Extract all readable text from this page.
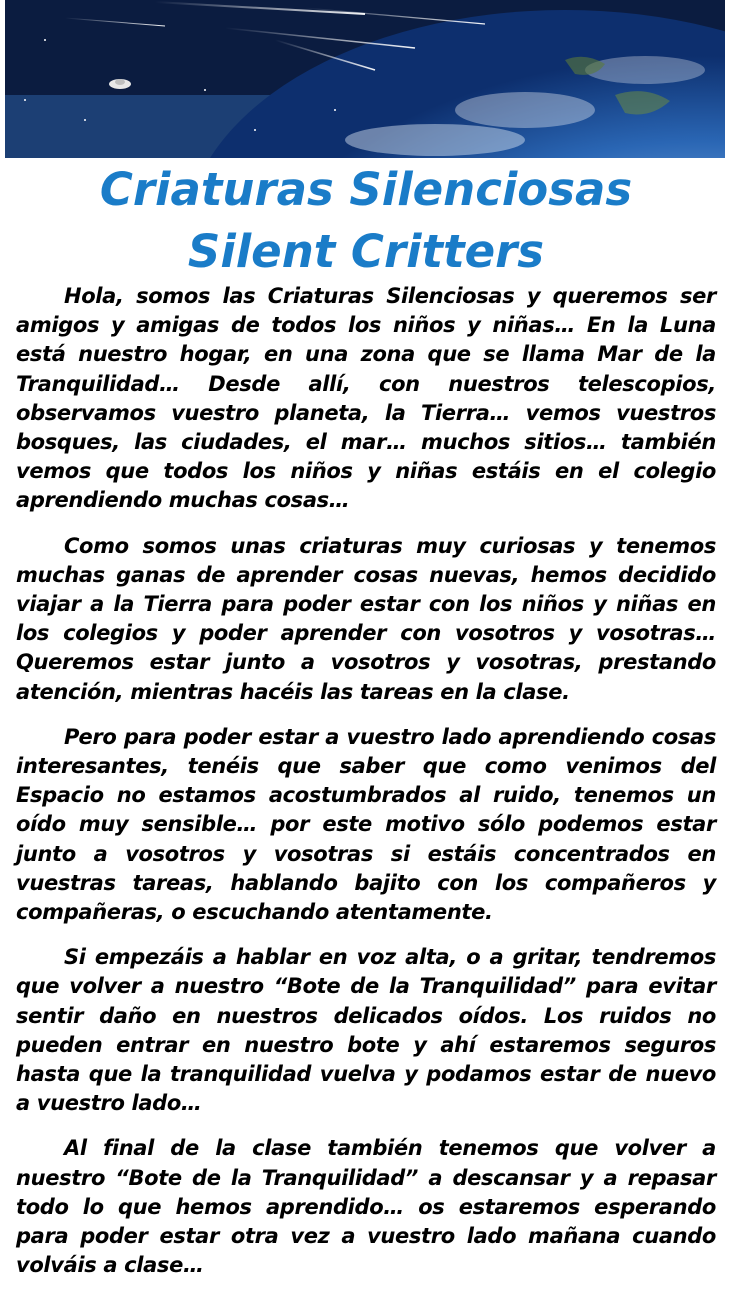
Criaturas Silenciosas
Silent Critters

Hola, somos las Criaturas Silenciosas y queremos ser amigos y amigas de todos los niños y niñas… En la Luna está nuestro hogar, en una zona que se llama Mar de la Tranquilidad… Desde allí, con nuestros telescopios, observamos vuestro planeta, la Tierra… vemos vuestros bosques, las ciudades, el mar… muchos sitios… también vemos que todos los niños y niñas estáis en el colegio aprendiendo muchas cosas…

Como somos unas criaturas muy curiosas y tenemos muchas ganas de aprender cosas nuevas, hemos decidido viajar a la Tierra para poder estar con los niños y niñas en los colegios y poder aprender con vosotros y vosotras… Queremos estar junto a vosotros y vosotras, prestando atención, mientras hacéis las tareas en la clase.

Pero para poder estar a vuestro lado aprendiendo cosas interesantes, tenéis que saber que como venimos del Espacio no estamos acostumbrados al ruido, tenemos un oído muy sensible… por este motivo sólo podemos estar junto a vosotros y vosotras si estáis concentrados en vuestras tareas, hablando bajito con los compañeros y compañeras, o escuchando atentamente.

Si empezáis a hablar en voz alta, o a gritar, tendremos que volver a nuestro “Bote de la Tranquilidad” para evitar sentir daño en nuestros delicados oídos. Los ruidos no pueden entrar en nuestro bote y ahí estaremos seguros hasta que la tranquilidad vuelva y podamos estar de nuevo a vuestro lado…

Al final de la clase también tenemos que volver a nuestro “Bote de la Tranquilidad” a descansar y a repasar todo lo que hemos aprendido… os estaremos esperando para poder estar otra vez a vuestro lado mañana cuando volváis a clase…
